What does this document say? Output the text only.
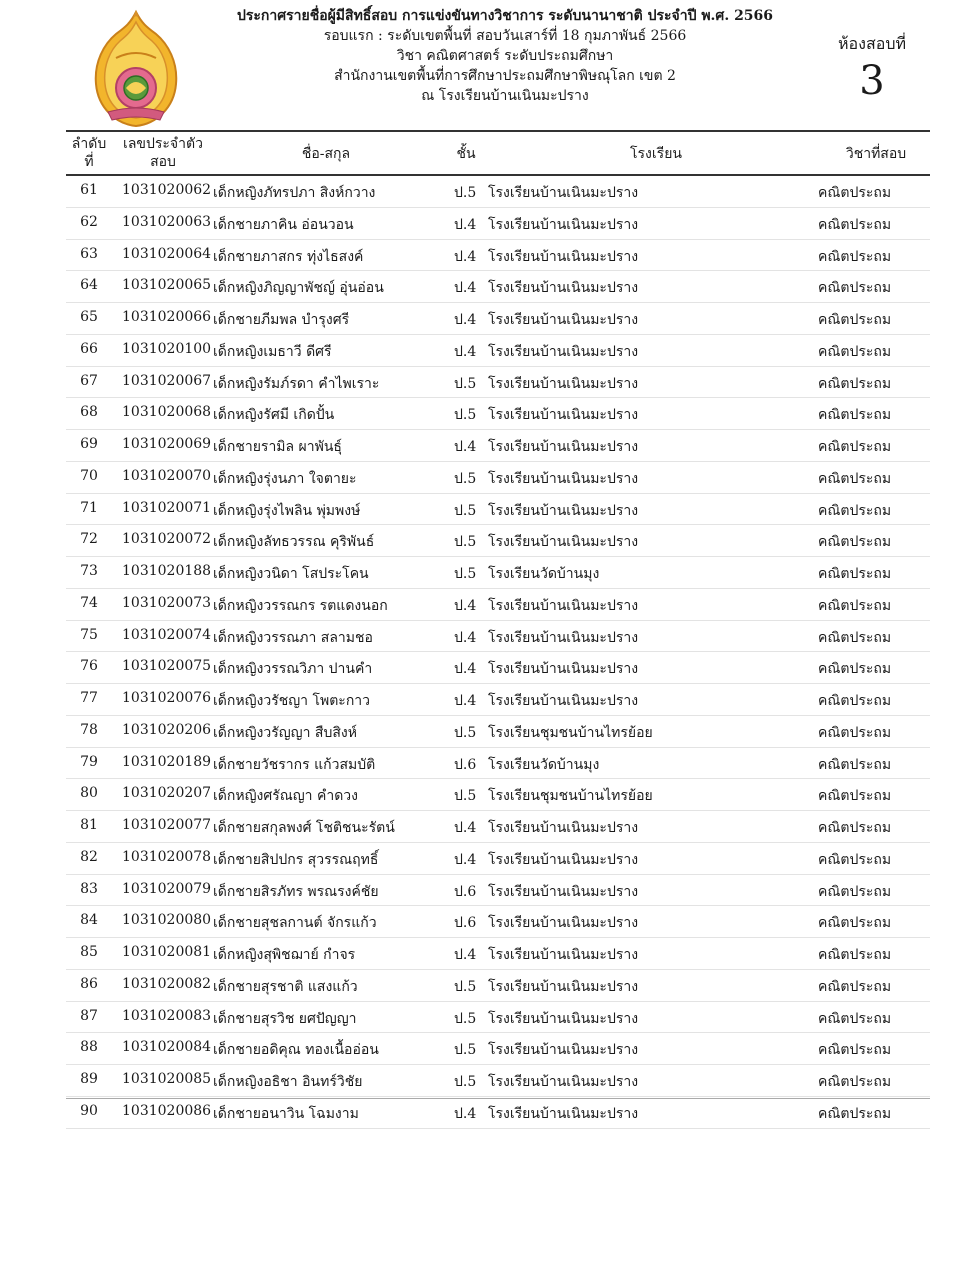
ประกาศรายชื่อผู้มีสิทธิ์สอบ การแข่งขันทางวิชาการ ระดับนานาชาติ ประจำปี พ.ศ. 2566
รอบแรก : ระดับเขตพื้นที่ สอบวันเสาร์ที่ 18 กุมภาพันธ์ 2566
วิชา คณิตศาสตร์ ระดับประถมศึกษา
สำนักงานเขตพื้นที่การศึกษาประถมศึกษาพิษณุโลก เขต 2
ณ โรงเรียนบ้านเนินมะปราง
ห้องสอบที่
3
ลำดับ
ที่
เลขประจำตัว
สอบ	ชื่อ-สกุล	ชั้น	โรงเรียน	วิชาที่สอบ
61	1031020062 เด็กหญิงภัทรปภา สิงห์กวาง	ป.5 โรงเรียนบ้านเนินมะปราง	คณิตประถม
62	1031020063 เด็กชายภาคิน อ่อนวอน	ป.4 โรงเรียนบ้านเนินมะปราง	คณิตประถม
63	1031020064 เด็กชายภาสกร ทุ่งไธสงค์	ป.4 โรงเรียนบ้านเนินมะปราง	คณิตประถม
64	1031020065 เด็กหญิงภิญญาพัชญ์ อุ่นอ่อน	ป.4 โรงเรียนบ้านเนินมะปราง	คณิตประถม
65	1031020066 เด็กชายภีมพล บำรุงศรี	ป.4 โรงเรียนบ้านเนินมะปราง	คณิตประถม
66	1031020100 เด็กหญิงเมธาวี ดีศรี	ป.4 โรงเรียนบ้านเนินมะปราง	คณิตประถม
67	1031020067 เด็กหญิงรัมภ์รดา คำไพเราะ	ป.5 โรงเรียนบ้านเนินมะปราง	คณิตประถม
68	1031020068 เด็กหญิงรัศมี เกิดปั้น	ป.5 โรงเรียนบ้านเนินมะปราง	คณิตประถม
69	1031020069 เด็กชายรามิล ผาพันธุ์	ป.4 โรงเรียนบ้านเนินมะปราง	คณิตประถม
70	1031020070 เด็กหญิงรุ่งนภา ใจตายะ	ป.5 โรงเรียนบ้านเนินมะปราง	คณิตประถม
71	1031020071 เด็กหญิงรุ่งไพลิน พุ่มพงษ์	ป.5 โรงเรียนบ้านเนินมะปราง	คณิตประถม
72	1031020072 เด็กหญิงลัทธวรรณ คุริพันธ์	ป.5 โรงเรียนบ้านเนินมะปราง	คณิตประถม
73	1031020188 เด็กหญิงวนิดา โสประโคน	ป.5 โรงเรียนวัดบ้านมุง	คณิตประถม
74	1031020073 เด็กหญิงวรรณกร รตแดงนอก	ป.4 โรงเรียนบ้านเนินมะปราง	คณิตประถม
75	1031020074 เด็กหญิงวรรณภา สลามชอ	ป.4 โรงเรียนบ้านเนินมะปราง	คณิตประถม
76	1031020075 เด็กหญิงวรรณวิภา ปานคำ	ป.4 โรงเรียนบ้านเนินมะปราง	คณิตประถม
77	1031020076 เด็กหญิงวรัชญา โพตะกาว	ป.4 โรงเรียนบ้านเนินมะปราง	คณิตประถม
78	1031020206 เด็กหญิงวรัญญา สืบสิงห์	ป.5 โรงเรียนชุมชนบ้านไทรย้อย	คณิตประถม
79	1031020189 เด็กชายวัชรากร แก้วสมบัติ	ป.6 โรงเรียนวัดบ้านมุง	คณิตประถม
80	1031020207 เด็กหญิงศรัณญา คำดวง	ป.5 โรงเรียนชุมชนบ้านไทรย้อย	คณิตประถม
81	1031020077 เด็กชายสกุลพงศ์ โชติชนะรัตน์	ป.4 โรงเรียนบ้านเนินมะปราง	คณิตประถม
82	1031020078 เด็กชายสิปปกร สุวรรณฤทธิ์	ป.4 โรงเรียนบ้านเนินมะปราง	คณิตประถม
83	1031020079 เด็กชายสิรภัทร พรณรงค์ชัย	ป.6 โรงเรียนบ้านเนินมะปราง	คณิตประถม
84	1031020080 เด็กชายสุชลกานต์ จักรแก้ว	ป.6 โรงเรียนบ้านเนินมะปราง	คณิตประถม
85	1031020081 เด็กหญิงสุพิชฌาย์ กำจร	ป.4 โรงเรียนบ้านเนินมะปราง	คณิตประถม
86	1031020082 เด็กชายสุรชาติ แสงแก้ว	ป.5 โรงเรียนบ้านเนินมะปราง	คณิตประถม
87	1031020083 เด็กชายสุรวิช ยศปัญญา	ป.5 โรงเรียนบ้านเนินมะปราง	คณิตประถม
88	1031020084 เด็กชายอดิคุณ ทองเนื้ออ่อน	ป.5 โรงเรียนบ้านเนินมะปราง	คณิตประถม
89	1031020085 เด็กหญิงอธิชา อินทร์วิชัย	ป.5 โรงเรียนบ้านเนินมะปราง	คณิตประถม
90	1031020086 เด็กชายอนาวิน โฉมงาม	ป.4 โรงเรียนบ้านเนินมะปราง	คณิตประถม
